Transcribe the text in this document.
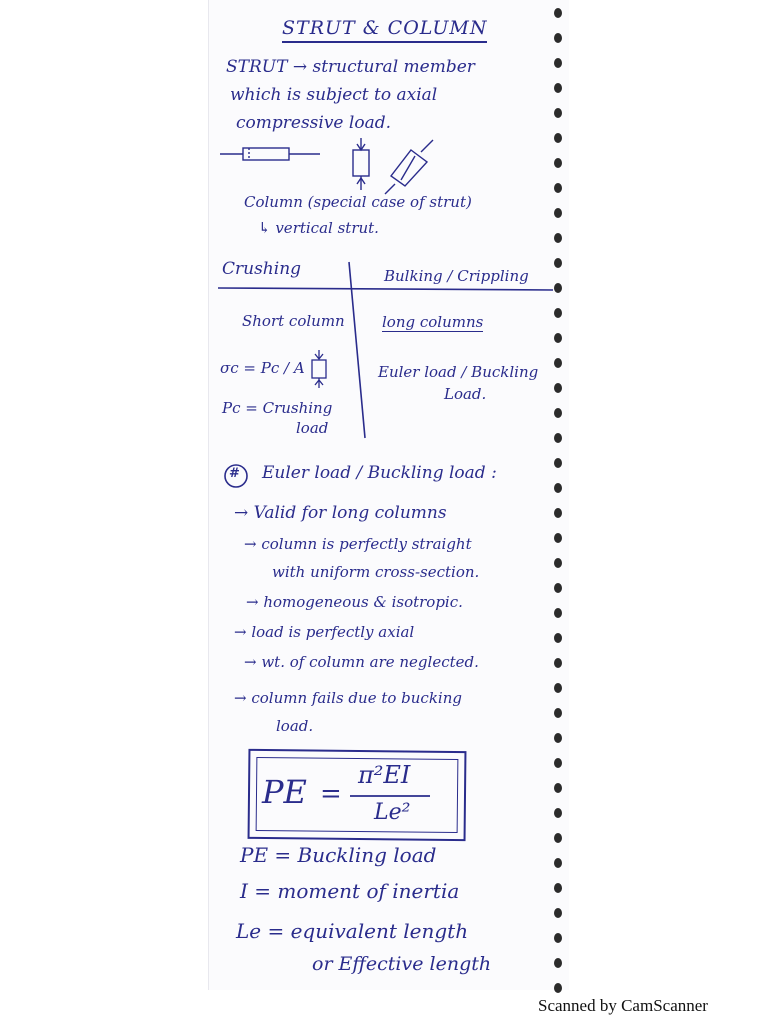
STRUT & COLUMN
STRUT → structural member
which is subject to axial
compressive load.
Column (special case of strut)
↳ vertical strut.
Crushing	Bulking / Crippling
Short column long columns
σc = Pc / A
Pc = Crushing
load
Euler load / Buckling
Load.
# Euler load / Buckling load :
→ Valid for long columns
→ column is perfectly straight
with uniform cross-section.
→ homogeneous & isotropic.
→ load is perfectly axial
→ wt. of column are neglected.
→ column fails due to bucking
load.
PE =
π²EI
Le²
PE = Buckling load
I = moment of inertia
Le = equivalent length
or Effective length
Scanned by CamScanner
